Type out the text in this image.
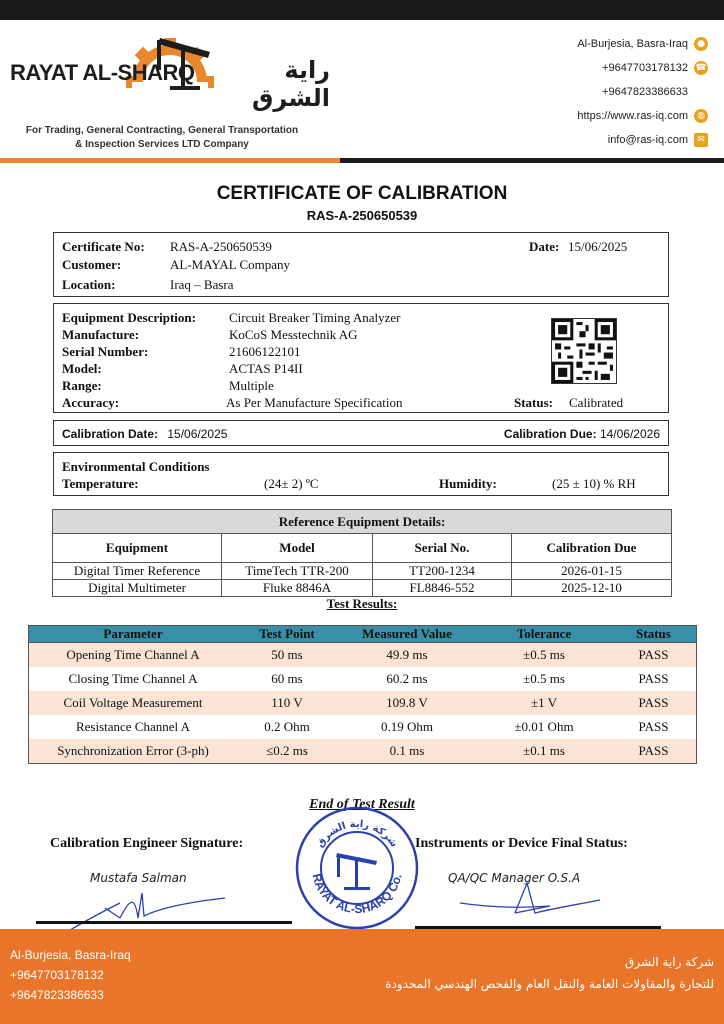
RAYAT AL-SHARQ	راية الشرق
For Trading, General Contracting, General Transportation
& Inspection Services LTD Company
Al-Burjesia, Basra-Iraq	●
+9647703178132 ☎
+9647823386633
https://www.ras-iq.com	◍
info@ras-iq.com	✉
CERTIFICATE OF CALIBRATION
RAS-A-250650539
Certificate No: RAS-A-250650539	Date: 15/06/2025
Customer:	AL-MAYAL Company
Location:	Iraq – Basra
Equipment Description:	Circuit Breaker Timing Analyzer
Manufacture:	KoCoS Messtechnik AG
Serial Number:	21606122101
Model:	ACTAS P14II
Range:	Multiple
Accuracy:	As Per Manufacture Specification	Status: Calibrated
Calibration Date: 15/06/2025	Calibration Due: 14/06/2026
Environmental Conditions
Temperature:	(24± 2) ºC	Humidity:	(25 ± 10) % RH
Reference Equipment Details:			
Equipment	Model	Serial No.	Calibration Due
Digital Timer Reference	TimeTech TTR-200	TT200-1234	2026-01-15
Digital Multimeter	Fluke 8846A	FL8846-552	2025-12-10
Test Results:
Parameter	Test Point	Measured Value	Tolerance	Status
Opening Time Channel A	50 ms	49.9 ms	±0.5 ms	PASS
Closing Time Channel A	60 ms	60.2 ms	±0.5 ms	PASS
Coil Voltage Measurement	110 V	109.8 V	±1 V	PASS
Resistance Channel A	0.2 Ohm	0.19 Ohm	±0.01 Ohm	PASS
Synchronization Error (3-ph)	≤0.2 ms	0.1 ms	±0.1 ms	PASS
End of Test Result
Calibration Engineer Signature:	Instruments or Device Final Status:
Mustafa Salman	QA/QC Manager O.S.A
RAYAT AL-SHARQ Co.
شركة راية الشرق
Al-Burjesia, Basra-Iraq
+9647703178132
+9647823386633
شركة راية الشرق
للتجارة والمقاولات العامة والنقل العام والفحص الهندسي المحدودة
